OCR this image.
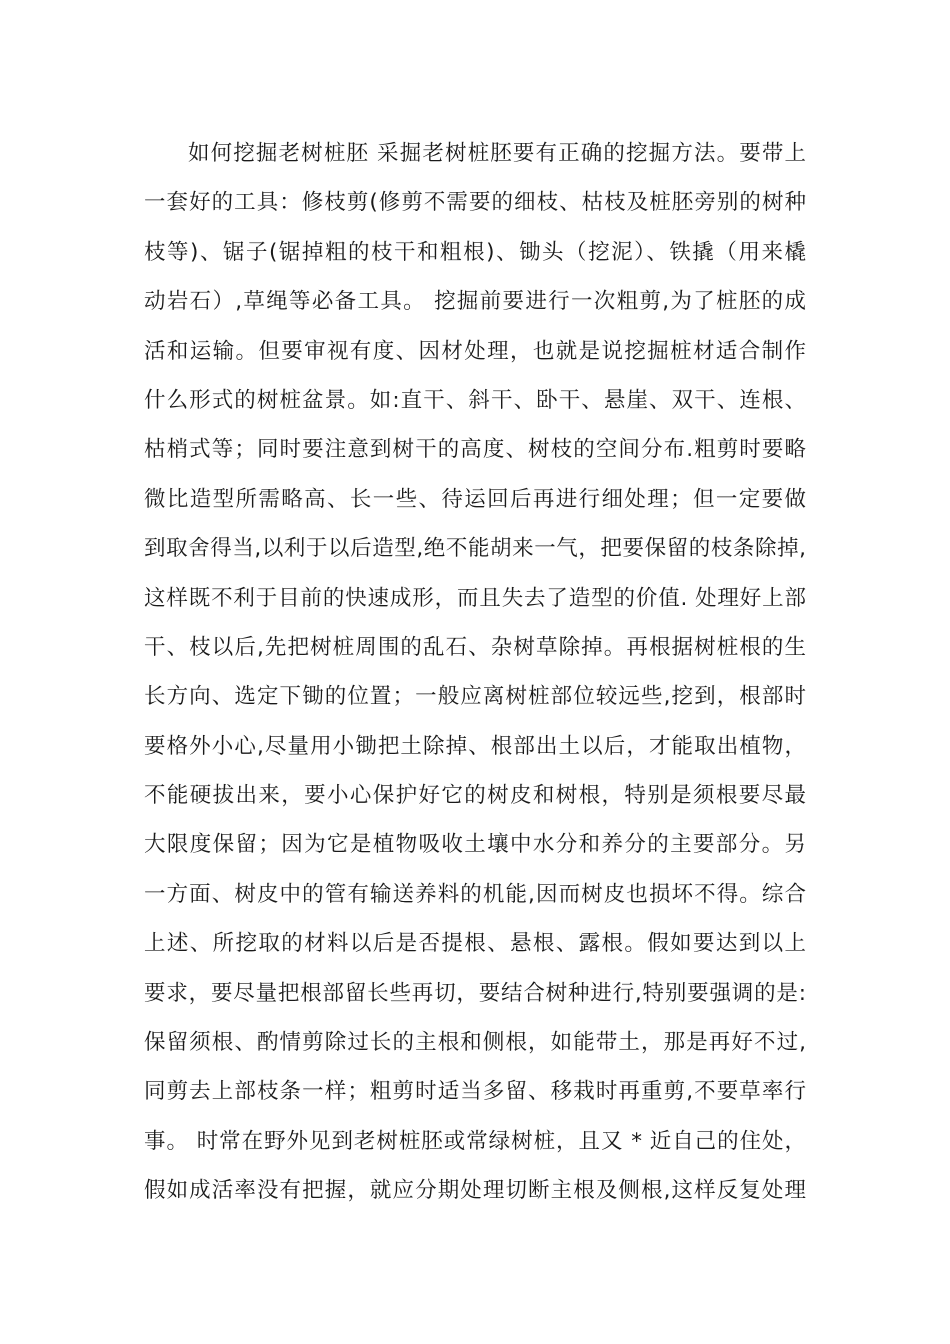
如何挖掘老树桩胚 采掘老树桩胚要有正确的挖掘方法。要带上
一套好的工具：修枝剪(修剪不需要的细枝、枯枝及桩胚旁别的树种
枝等)、锯子(锯掉粗的枝干和粗根)、锄头（挖泥）、铁撬（用来橇
动岩石）,草绳等必备工具。 挖掘前要进行一次粗剪,为了桩胚的成
活和运输。但要审视有度、因材处理，也就是说挖掘桩材适合制作
什么形式的树桩盆景。如:直干、斜干、卧干、悬崖、双干、连根、
枯梢式等；同时要注意到树干的高度、树枝的空间分布.粗剪时要略
微比造型所需略高、长一些、待运回后再进行细处理；但一定要做
到取舍得当,以利于以后造型,绝不能胡来一气，把要保留的枝条除掉,
这样既不利于目前的快速成形，而且失去了造型的价值. 处理好上部
干、枝以后,先把树桩周围的乱石、杂树草除掉。再根据树桩根的生
长方向、选定下锄的位置；一般应离树桩部位较远些,挖到，根部时
要格外小心,尽量用小锄把土除掉、根部出土以后，才能取出植物，
不能硬拔出来，要小心保护好它的树皮和树根，特别是须根要尽最
大限度保留；因为它是植物吸收土壤中水分和养分的主要部分。另
一方面、树皮中的管有输送养料的机能,因而树皮也损坏不得。综合
上述、所挖取的材料以后是否提根、悬根、露根。假如要达到以上
要求，要尽量把根部留长些再切，要结合树种进行,特别要强调的是:
保留须根、酌情剪除过长的主根和侧根，如能带土，那是再好不过,
同剪去上部枝条一样；粗剪时适当多留、移栽时再重剪,不要草率行
事。 时常在野外见到老树桩胚或常绿树桩，且又 * 近自己的住处，
假如成活率没有把握，就应分期处理切断主根及侧根,这样反复处理
